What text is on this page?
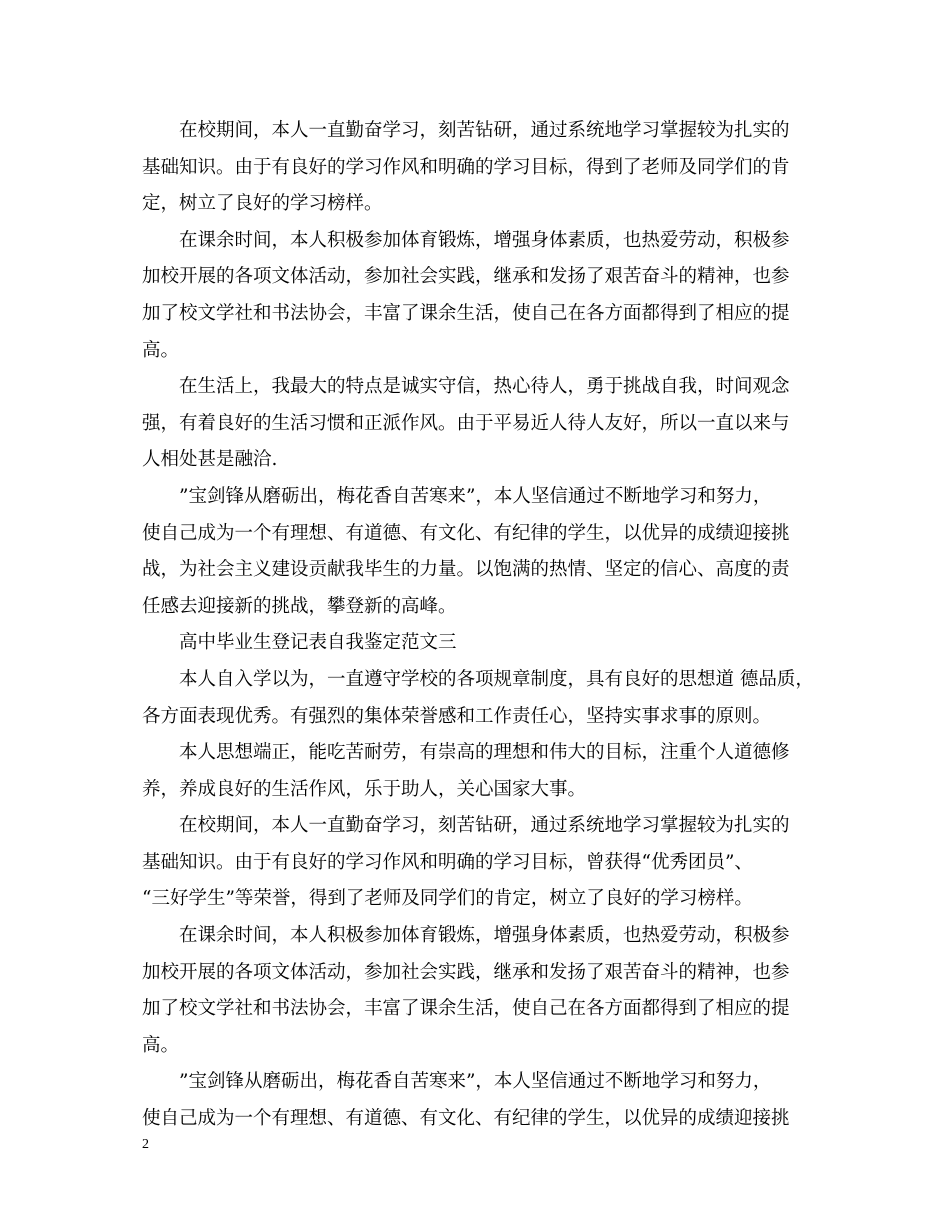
在校期间，本人一直勤奋学习，刻苦钻研，通过系统地学习掌握较为扎实的
基础知识。由于有良好的学习作风和明确的学习目标，得到了老师及同学们的肯
定，树立了良好的学习榜样。
在课余时间，本人积极参加体育锻炼，增强身体素质，也热爱劳动，积极参
加校开展的各项文体活动，参加社会实践，继承和发扬了艰苦奋斗的精神，也参
加了校文学社和书法协会，丰富了课余生活，使自己在各方面都得到了相应的提
高。
在生活上，我最大的特点是诚实守信，热心待人，勇于挑战自我，时间观念
强，有着良好的生活习惯和正派作风。由于平易近人待人友好，所以一直以来与
人相处甚是融洽.
”宝剑锋从磨砺出，梅花香自苦寒来”，本人坚信通过不断地学习和努力，
使自己成为一个有理想、有道德、有文化、有纪律的学生，以优异的成绩迎接挑
战，为社会主义建设贡献我毕生的力量。以饱满的热情、坚定的信心、高度的责
任感去迎接新的挑战，攀登新的高峰。
高中毕业生登记表自我鉴定范文三
本人自入学以为，一直遵守学校的各项规章制度，具有良好的思想道 德品质，
各方面表现优秀。有强烈的集体荣誉感和工作责任心，坚持实事求事的原则。
本人思想端正，能吃苦耐劳，有崇高的理想和伟大的目标，注重个人道德修
养，养成良好的生活作风，乐于助人，关心国家大事。
在校期间，本人一直勤奋学习，刻苦钻研，通过系统地学习掌握较为扎实的
基础知识。由于有良好的学习作风和明确的学习目标，曾获得“优秀团员”、
“三好学生”等荣誉，得到了老师及同学们的肯定，树立了良好的学习榜样。
在课余时间，本人积极参加体育锻炼，增强身体素质，也热爱劳动，积极参
加校开展的各项文体活动，参加社会实践，继承和发扬了艰苦奋斗的精神，也参
加了校文学社和书法协会，丰富了课余生活，使自己在各方面都得到了相应的提
高。
”宝剑锋从磨砺出，梅花香自苦寒来”，本人坚信通过不断地学习和努力，
使自己成为一个有理想、有道德、有文化、有纪律的学生，以优异的成绩迎接挑
2
